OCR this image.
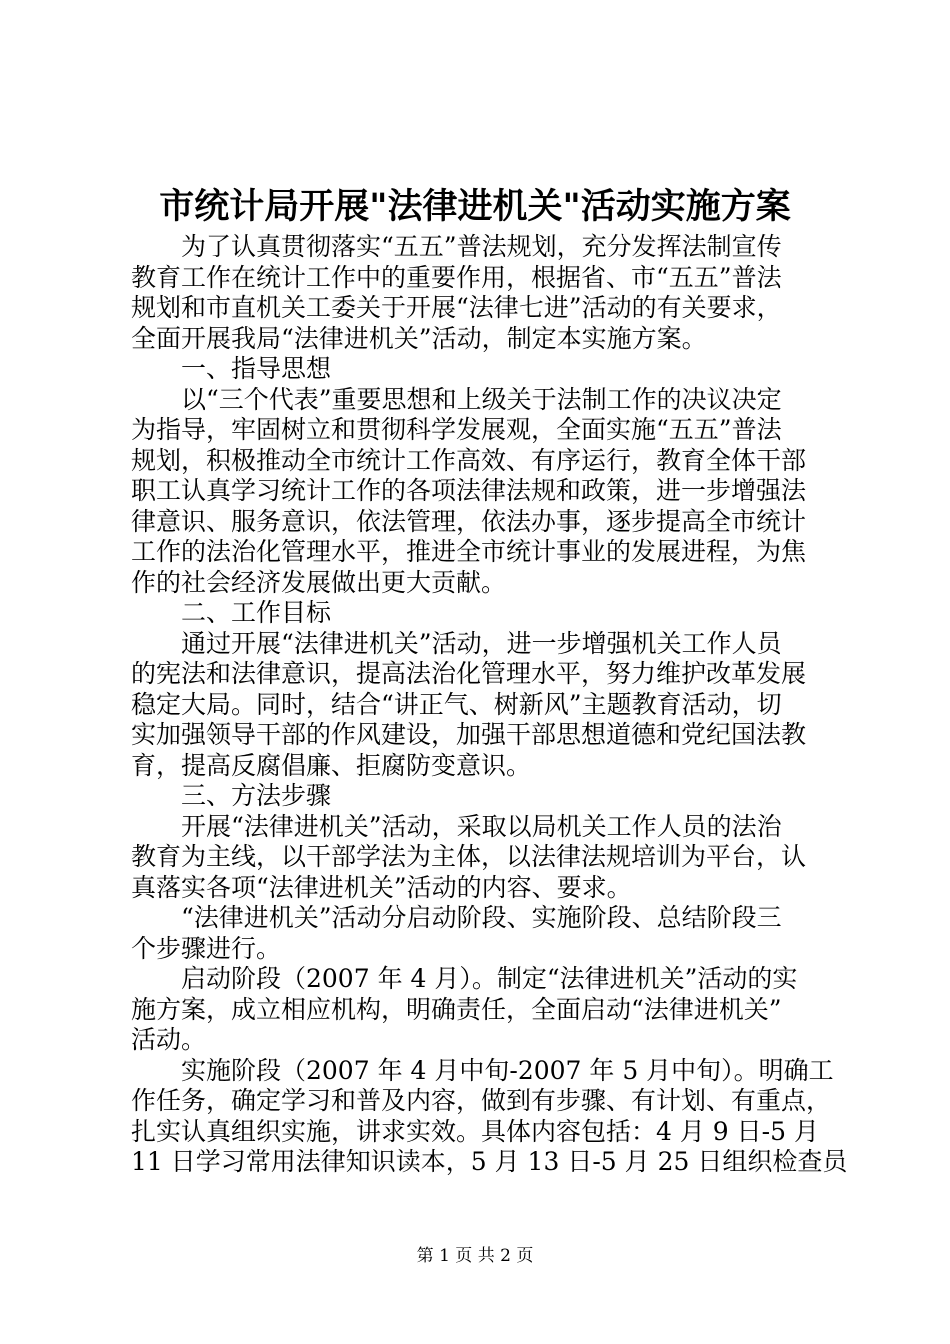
市统计局开展"法律进机关"活动实施方案
　　为了认真贯彻落实“五五”普法规划，充分发挥法制宣传
教育工作在统计工作中的重要作用，根据省、市“五五”普法
规划和市直机关工委关于开展“法律七进”活动的有关要求，
全面开展我局“法律进机关”活动，制定本实施方案。
　　一、指导思想
　　以“三个代表”重要思想和上级关于法制工作的决议决定
为指导，牢固树立和贯彻科学发展观，全面实施“五五”普法
规划，积极推动全市统计工作高效、有序运行，教育全体干部
职工认真学习统计工作的各项法律法规和政策，进一步增强法
律意识、服务意识，依法管理，依法办事，逐步提高全市统计
工作的法治化管理水平，推进全市统计事业的发展进程，为焦
作的社会经济发展做出更大贡献。
　　二、工作目标
　　通过开展“法律进机关”活动，进一步增强机关工作人员
的宪法和法律意识，提高法治化管理水平，努力维护改革发展
稳定大局。同时，结合“讲正气、树新风”主题教育活动，切
实加强领导干部的作风建设，加强干部思想道德和党纪国法教
育，提高反腐倡廉、拒腐防变意识。
　　三、方法步骤
　　开展“法律进机关”活动，采取以局机关工作人员的法治
教育为主线，以干部学法为主体，以法律法规培训为平台，认
真落实各项“法律进机关”活动的内容、要求。
　　“法律进机关”活动分启动阶段、实施阶段、总结阶段三
个步骤进行。
　　启动阶段（2007 年 4 月）。制定“法律进机关”活动的实
施方案，成立相应机构，明确责任，全面启动“法律进机关”
活动。
　　实施阶段（2007 年 4 月中旬-2007 年 5 月中旬）。明确工
作任务，确定学习和普及内容，做到有步骤、有计划、有重点，
扎实认真组织实施，讲求实效。具体内容包括：4 月 9 日-5 月
11 日学习常用法律知识读本，5 月 13 日-5 月 25 日组织检查员
第 1 页 共 2 页
